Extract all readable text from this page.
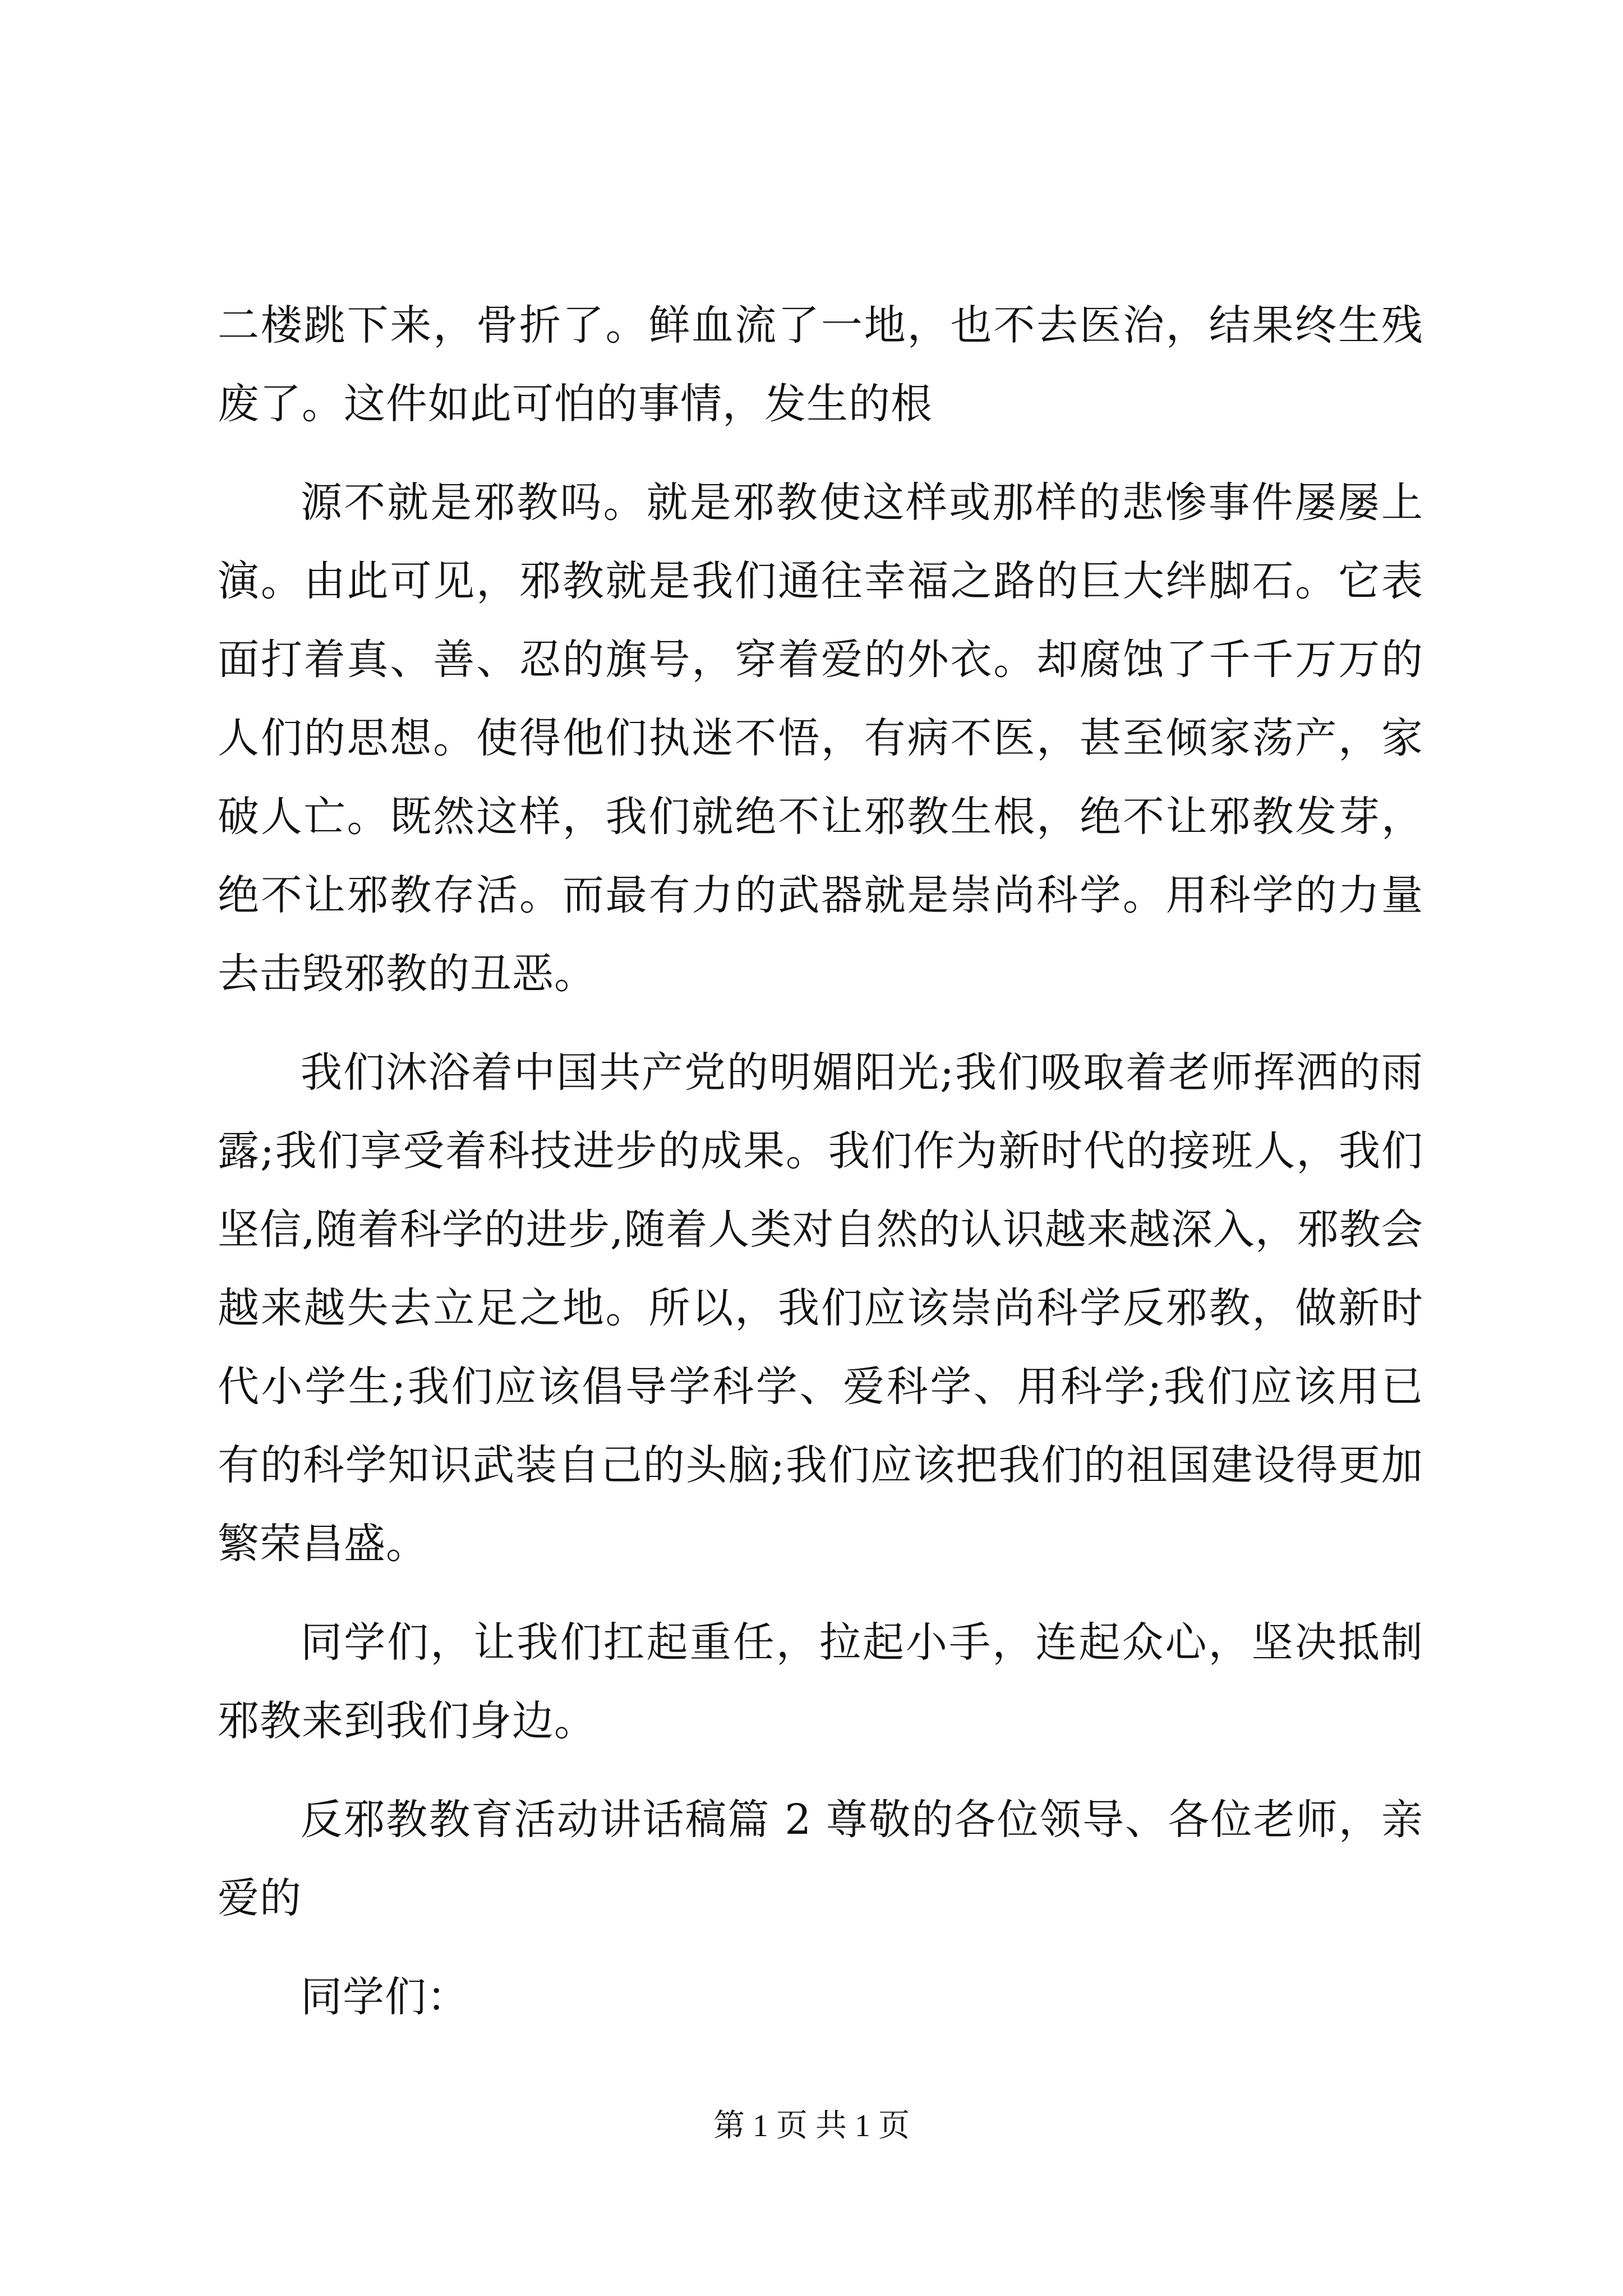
二楼跳下来，骨折了。鲜血流了一地，也不去医治，结果终生残废了。这件如此可怕的事情，发生的根

源不就是邪教吗。就是邪教使这样或那样的悲惨事件屡屡上演。由此可见，邪教就是我们通往幸福之路的巨大绊脚石。它表面打着真、善、忍的旗号，穿着爱的外衣。却腐蚀了千千万万的人们的思想。使得他们执迷不悟，有病不医，甚至倾家荡产，家破人亡。既然这样，我们就绝不让邪教生根，绝不让邪教发芽，绝不让邪教存活。而最有力的武器就是崇尚科学。用科学的力量去击毁邪教的丑恶。

我们沐浴着中国共产党的明媚阳光;我们吸取着老师挥洒的雨露;我们享受着科技进步的成果。我们作为新时代的接班人，我们坚信,随着科学的进步,随着人类对自然的认识越来越深入，邪教会越来越失去立足之地。所以，我们应该崇尚科学反邪教，做新时代小学生;我们应该倡导学科学、爱科学、用科学;我们应该用已有的科学知识武装自己的头脑;我们应该把我们的祖国建设得更加繁荣昌盛。

同学们，让我们扛起重任，拉起小手，连起众心，坚决抵制邪教来到我们身边。

反邪教教育活动讲话稿篇 2 尊敬的各位领导、各位老师，亲爱的

同学们：

第 1 页 共 1 页
